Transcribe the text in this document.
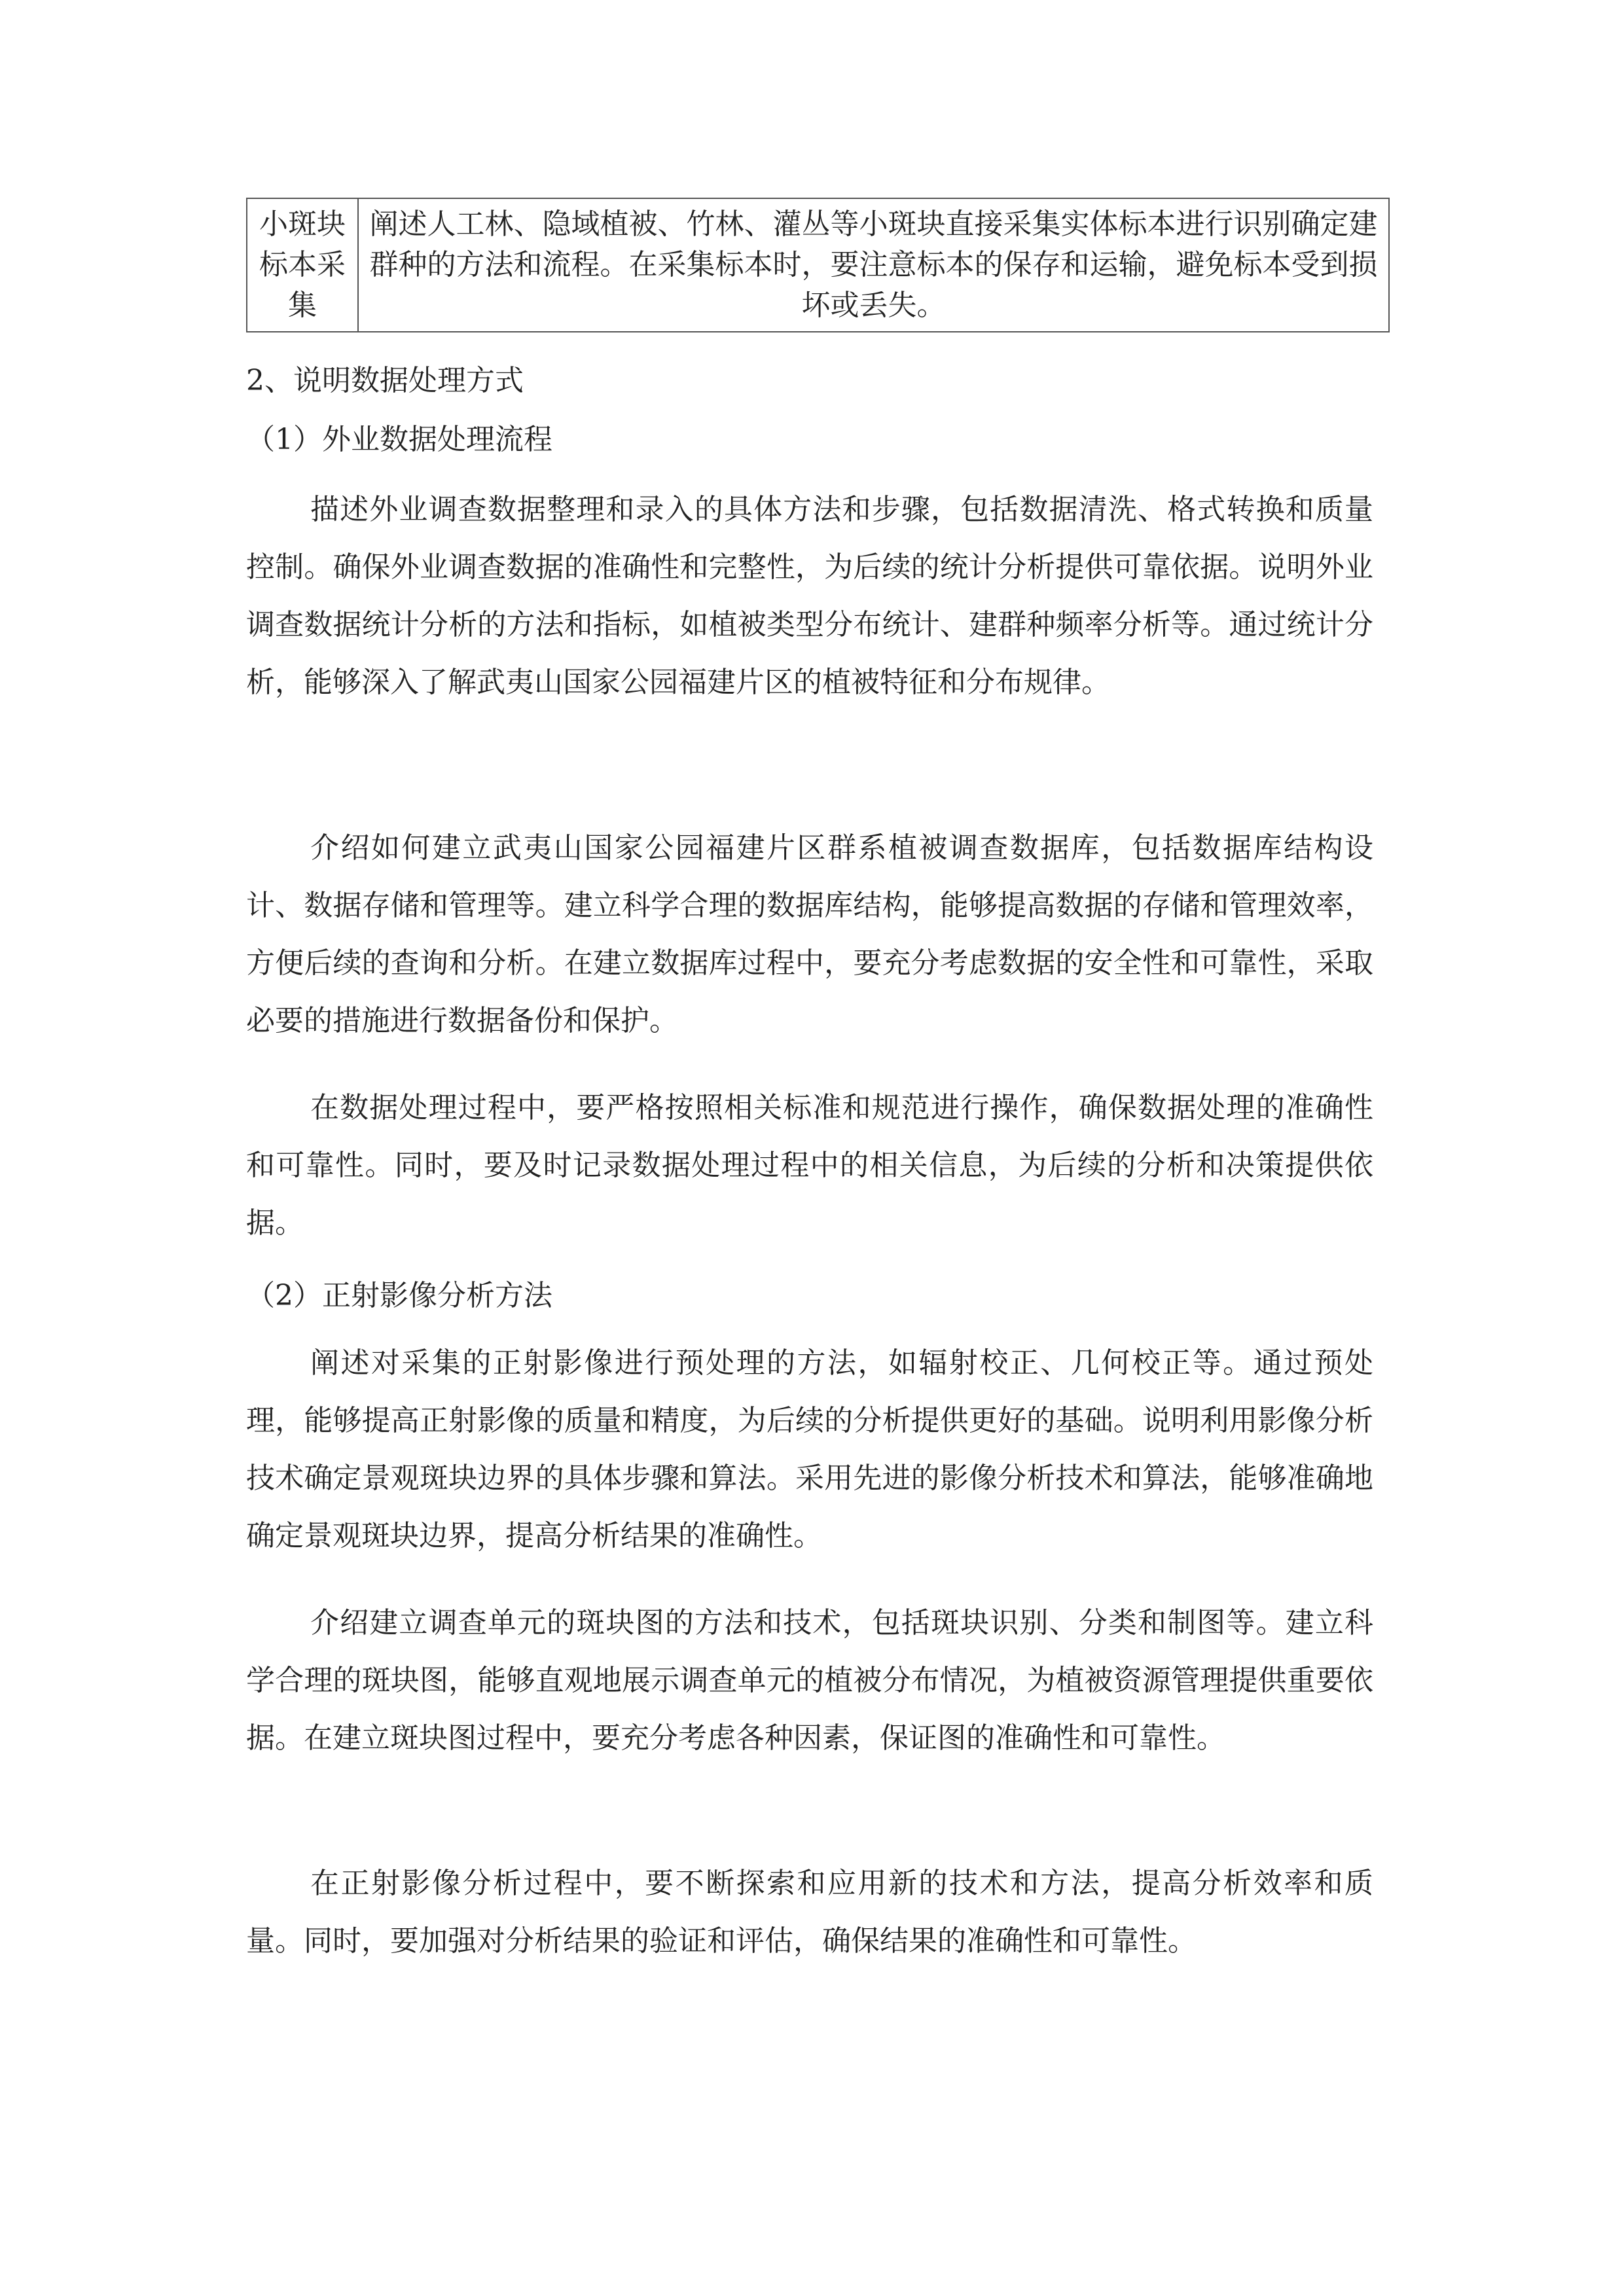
小斑块标本采集	阐述人工林、隐域植被、竹林、灌丛等小斑块直接采集实体标本进行识别确定建群种的方法和流程。在采集标本时，要注意标本的保存和运输，避免标本受到损坏或丢失。
2、说明数据处理方式
（1）外业数据处理流程

描述外业调查数据整理和录入的具体方法和步骤，包括数据清洗、格式转换和质量控制。确保外业调查数据的准确性和完整性，为后续的统计分析提供可靠依据。说明外业调查数据统计分析的方法和指标，如植被类型分布统计、建群种频率分析等。通过统计分析，能够深入了解武夷山国家公园福建片区的植被特征和分布规律。

介绍如何建立武夷山国家公园福建片区群系植被调查数据库，包括数据库结构设计、数据存储和管理等。建立科学合理的数据库结构，能够提高数据的存储和管理效率，方便后续的查询和分析。在建立数据库过程中，要充分考虑数据的安全性和可靠性，采取必要的措施进行数据备份和保护。

在数据处理过程中，要严格按照相关标准和规范进行操作，确保数据处理的准确性和可靠性。同时，要及时记录数据处理过程中的相关信息，为后续的分析和决策提供依据。

（2）正射影像分析方法

阐述对采集的正射影像进行预处理的方法，如辐射校正、几何校正等。通过预处理，能够提高正射影像的质量和精度，为后续的分析提供更好的基础。说明利用影像分析技术确定景观斑块边界的具体步骤和算法。采用先进的影像分析技术和算法，能够准确地确定景观斑块边界，提高分析结果的准确性。

介绍建立调查单元的斑块图的方法和技术，包括斑块识别、分类和制图等。建立科学合理的斑块图，能够直观地展示调查单元的植被分布情况，为植被资源管理提供重要依据。在建立斑块图过程中，要充分考虑各种因素，保证图的准确性和可靠性。

在正射影像分析过程中，要不断探索和应用新的技术和方法，提高分析效率和质量。同时，要加强对分析结果的验证和评估，确保结果的准确性和可靠性。
